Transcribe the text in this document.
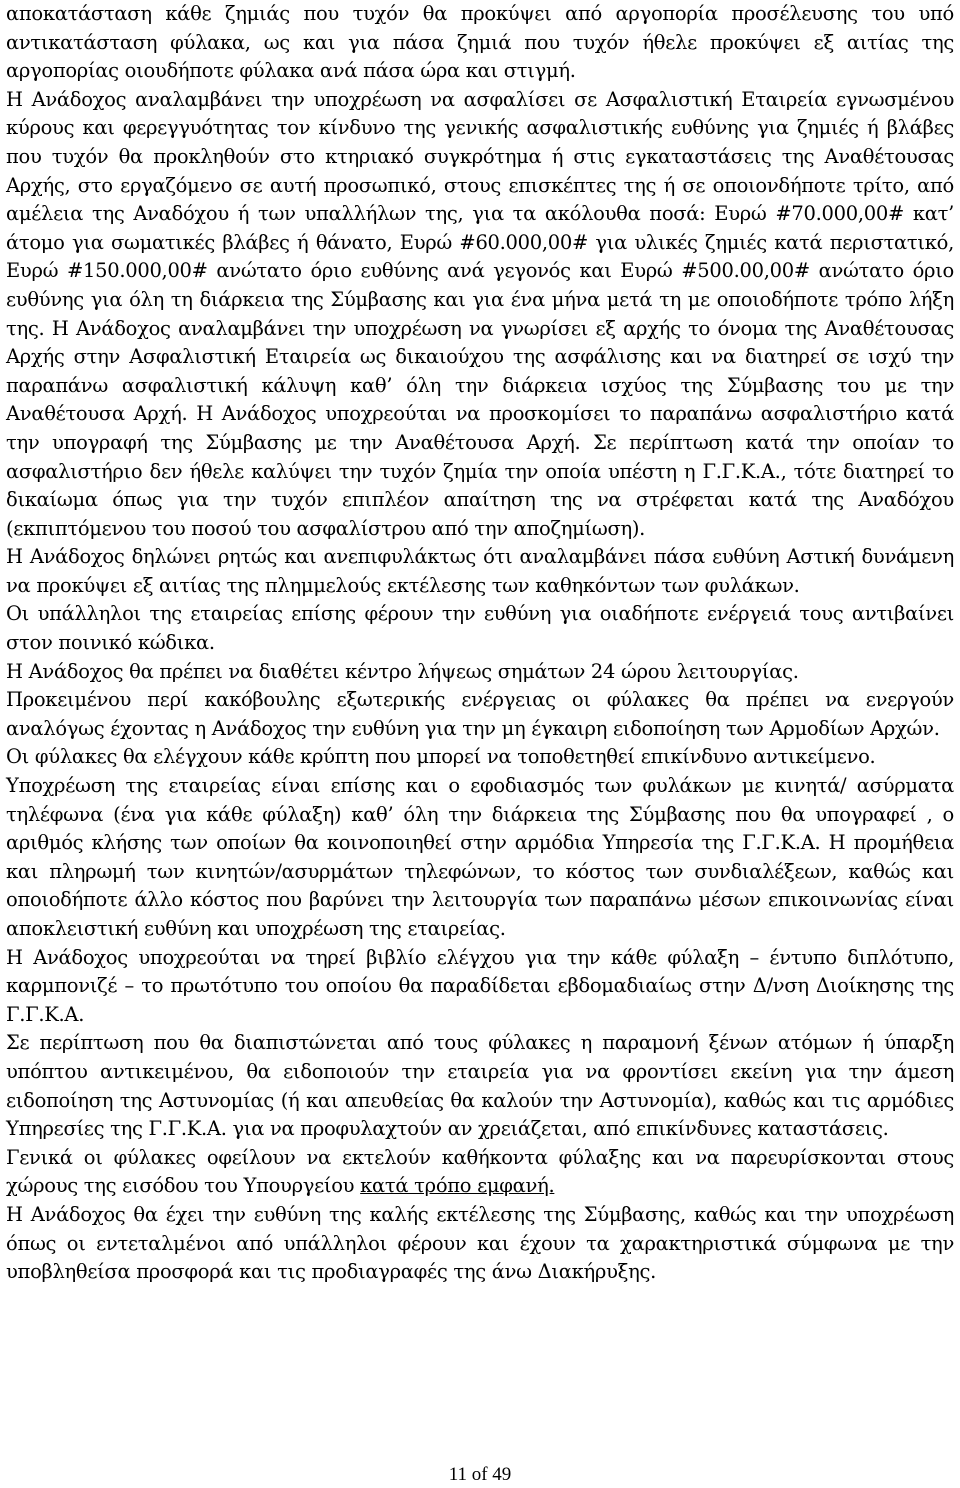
αποκατάσταση κάθε ζημιάς που τυχόν θα προκύψει από αργοπορία προσέλευσης του υπό αντικατάσταση φύλακα, ως και για πάσα ζημιά που τυχόν ήθελε προκύψει εξ αιτίας της αργοπορίας οιουδήποτε φύλακα ανά πάσα ώρα και στιγμή.

Η Ανάδοχος αναλαμβάνει την υποχρέωση να ασφαλίσει σε Ασφαλιστική Εταιρεία εγνωσμένου κύρους και φερεγγυότητας τον κίνδυνο της γενικής ασφαλιστικής ευθύνης για ζημιές ή βλάβες που τυχόν θα προκληθούν στο κτηριακό συγκρότημα ή στις εγκαταστάσεις της Αναθέτουσας Αρχής, στο εργαζόμενο σε αυτή προσωπικό, στους επισκέπτες της ή σε οποιονδήποτε τρίτο, από αμέλεια της Αναδόχου ή των υπαλλήλων της, για τα ακόλουθα ποσά: Ευρώ #70.000,00# κατ’ άτομο για σωματικές βλάβες ή θάνατο, Ευρώ #60.000,00# για υλικές ζημιές κατά περιστατικό, Ευρώ #150.000,00# ανώτατο όριο ευθύνης ανά γεγονός και Ευρώ #500.00,00# ανώτατο όριο ευθύνης για όλη τη διάρκεια της Σύμβασης και για ένα μήνα μετά τη με οποιοδήποτε τρόπο λήξη της. Η Ανάδοχος αναλαμβάνει την υποχρέωση να γνωρίσει εξ αρχής το όνομα της Αναθέτουσας Αρχής στην Ασφαλιστική Εταιρεία ως δικαιούχου της ασφάλισης και να διατηρεί σε ισχύ την παραπάνω ασφαλιστική κάλυψη καθ’ όλη την διάρκεια ισχύος της Σύμβασης του με την Αναθέτουσα Αρχή. Η Ανάδοχος υποχρεούται να προσκομίσει το παραπάνω ασφαλιστήριο κατά την υπογραφή της Σύμβασης με την Αναθέτουσα Αρχή. Σε περίπτωση κατά την οποίαν το ασφαλιστήριο δεν ήθελε καλύψει την τυχόν ζημία την οποία υπέστη η Γ.Γ.Κ.Α., τότε διατηρεί το δικαίωμα όπως για την τυχόν επιπλέον απαίτηση της να στρέφεται κατά της Αναδόχου (εκπιπτόμενου του ποσού του ασφαλίστρου από την αποζημίωση).

Η Ανάδοχος δηλώνει ρητώς και ανεπιφυλάκτως ότι αναλαμβάνει πάσα ευθύνη Αστική δυνάμενη να προκύψει εξ αιτίας της πλημμελούς εκτέλεσης των καθηκόντων των φυλάκων.

Οι υπάλληλοι της εταιρείας επίσης φέρουν την ευθύνη για οιαδήποτε ενέργειά τους αντιβαίνει στον ποινικό κώδικα.

Η Ανάδοχος θα πρέπει να διαθέτει κέντρο λήψεως σημάτων 24 ώρου λειτουργίας.

Προκειμένου περί κακόβουλης εξωτερικής ενέργειας οι φύλακες θα πρέπει να ενεργούν αναλόγως έχοντας η Ανάδοχος την ευθύνη για την μη έγκαιρη ειδοποίηση των Αρμοδίων Αρχών.

Οι φύλακες θα ελέγχουν κάθε κρύπτη που μπορεί να τοποθετηθεί επικίνδυνο αντικείμενο.

Υποχρέωση της εταιρείας είναι επίσης και ο εφοδιασμός των φυλάκων με κινητά/ ασύρματα τηλέφωνα (ένα για κάθε φύλαξη) καθ’ όλη την διάρκεια της Σύμβασης που θα υπογραφεί , ο αριθμός κλήσης των οποίων θα κοινοποιηθεί στην αρμόδια Υπηρεσία της Γ.Γ.Κ.Α. Η προμήθεια και πληρωμή των κινητών/ασυρμάτων τηλεφώνων, το κόστος των συνδιαλέξεων, καθώς και οποιοδήποτε άλλο κόστος που βαρύνει την λειτουργία των παραπάνω μέσων επικοινωνίας είναι αποκλειστική ευθύνη και υποχρέωση της εταιρείας.

Η Ανάδοχος υποχρεούται να τηρεί βιβλίο ελέγχου για την κάθε φύλαξη – έντυπο διπλότυπο, καρμπονιζέ – το πρωτότυπο του οποίου θα παραδίδεται εβδομαδιαίως στην Δ/νση Διοίκησης της Γ.Γ.Κ.Α.

Σε περίπτωση που θα διαπιστώνεται από τους φύλακες η παραμονή ξένων ατόμων ή ύπαρξη υπόπτου αντικειμένου, θα ειδοποιούν την εταιρεία για να φροντίσει εκείνη για την άμεση ειδοποίηση της Αστυνομίας (ή και απευθείας θα καλούν την Αστυνομία), καθώς και τις αρμόδιες Υπηρεσίες της Γ.Γ.Κ.Α. για να προφυλαχτούν αν χρειάζεται, από επικίνδυνες καταστάσεις.

Γενικά οι φύλακες οφείλουν να εκτελούν καθήκοντα φύλαξης και να παρευρίσκονται στους χώρους της εισόδου του Υπουργείου κατά τρόπο εμφανή.

Η Ανάδοχος θα έχει την ευθύνη της καλής εκτέλεσης της Σύμβασης, καθώς και την υποχρέωση όπως οι εντεταλμένοι από υπάλληλοι φέρουν και έχουν τα χαρακτηριστικά σύμφωνα με την υποβληθείσα προσφορά και τις προδιαγραφές της άνω Διακήρυξης.

11 of 49
